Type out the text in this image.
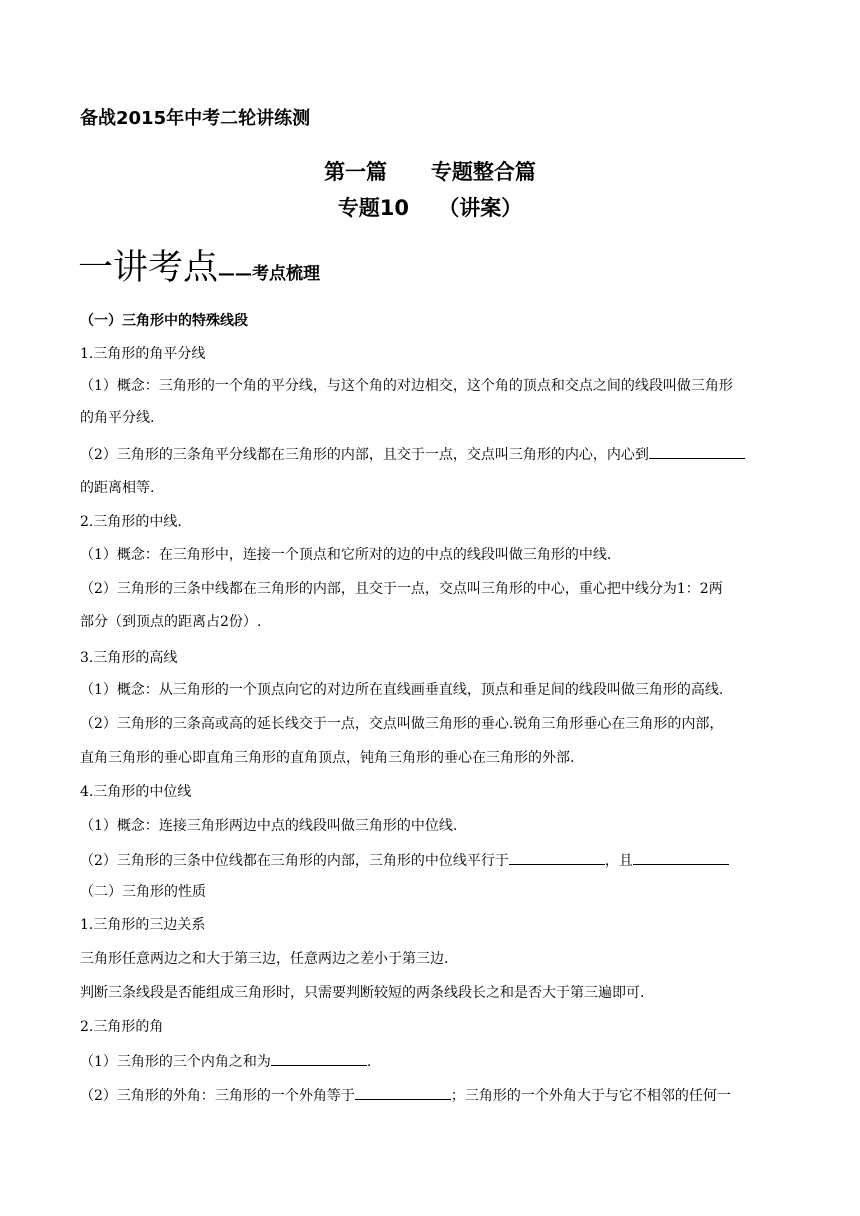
备战2015年中考二轮讲练测
第一篇      专题整合篇
专题10    （讲案）
一讲考点——考点梳理
（一）三角形中的特殊线段
1.三角形的角平分线
（1）概念：三角形的一个角的平分线，与这个角的对边相交，这个角的顶点和交点之间的线段叫做三角形
的角平分线.
（2）三角形的三条角平分线都在三角形的内部，且交于一点，交点叫三角形的内心，内心到
的距离相等.
2.三角形的中线.
（1）概念：在三角形中，连接一个顶点和它所对的边的中点的线段叫做三角形的中线.
（2）三角形的三条中线都在三角形的内部，且交于一点，交点叫三角形的中心，重心把中线分为1：2两
部分（到顶点的距离占2份）.
3.三角形的高线
（1）概念：从三角形的一个顶点向它的对边所在直线画垂直线，顶点和垂足间的线段叫做三角形的高线.
（2）三角形的三条高或高的延长线交于一点，交点叫做三角形的垂心.锐角三角形垂心在三角形的内部，
直角三角形的垂心即直角三角形的直角顶点，钝角三角形的垂心在三角形的外部.
4.三角形的中位线
（1）概念：连接三角形两边中点的线段叫做三角形的中位线.
（2）三角形的三条中位线都在三角形的内部，三角形的中位线平行于	，且
（二）三角形的性质
1.三角形的三边关系
三角形任意两边之和大于第三边，任意两边之差小于第三边.
判断三条线段是否能组成三角形时，只需要判断较短的两条线段长之和是否大于第三遍即可.
2.三角形的角
（1）三角形的三个内角之和为	.
（2）三角形的外角：三角形的一个外角等于	；三角形的一个外角大于与它不相邻的任何一
